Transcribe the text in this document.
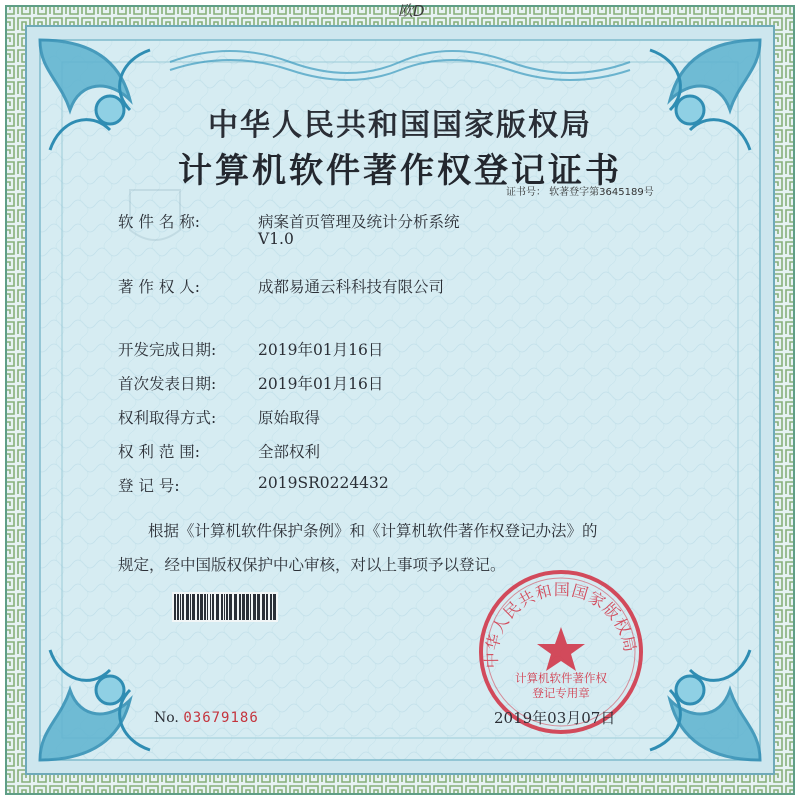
中华人民共和国国家版权局
欧D
中华人民共和国国家版权局
计算机软件著作权登记证书
证书号： 软著登字第3645189号
软 件 名 称:	病案首页管理及统计分析系统
V1.0
著 作 权 人:	成都易通云科科技有限公司
开发完成日期:	2019年01月16日
首次发表日期:	2019年01月16日
权利取得方式:	原始取得
权 利 范 围:	全部权利
登 记 号:	2019SR0224432
根据《计算机软件保护条例》和《计算机软件著作权登记办法》的
规定，经中国版权保护中心审核，对以上事项予以登记。
No. 03679186
计算机软件著作权
登记专用章
2019年03月07日
